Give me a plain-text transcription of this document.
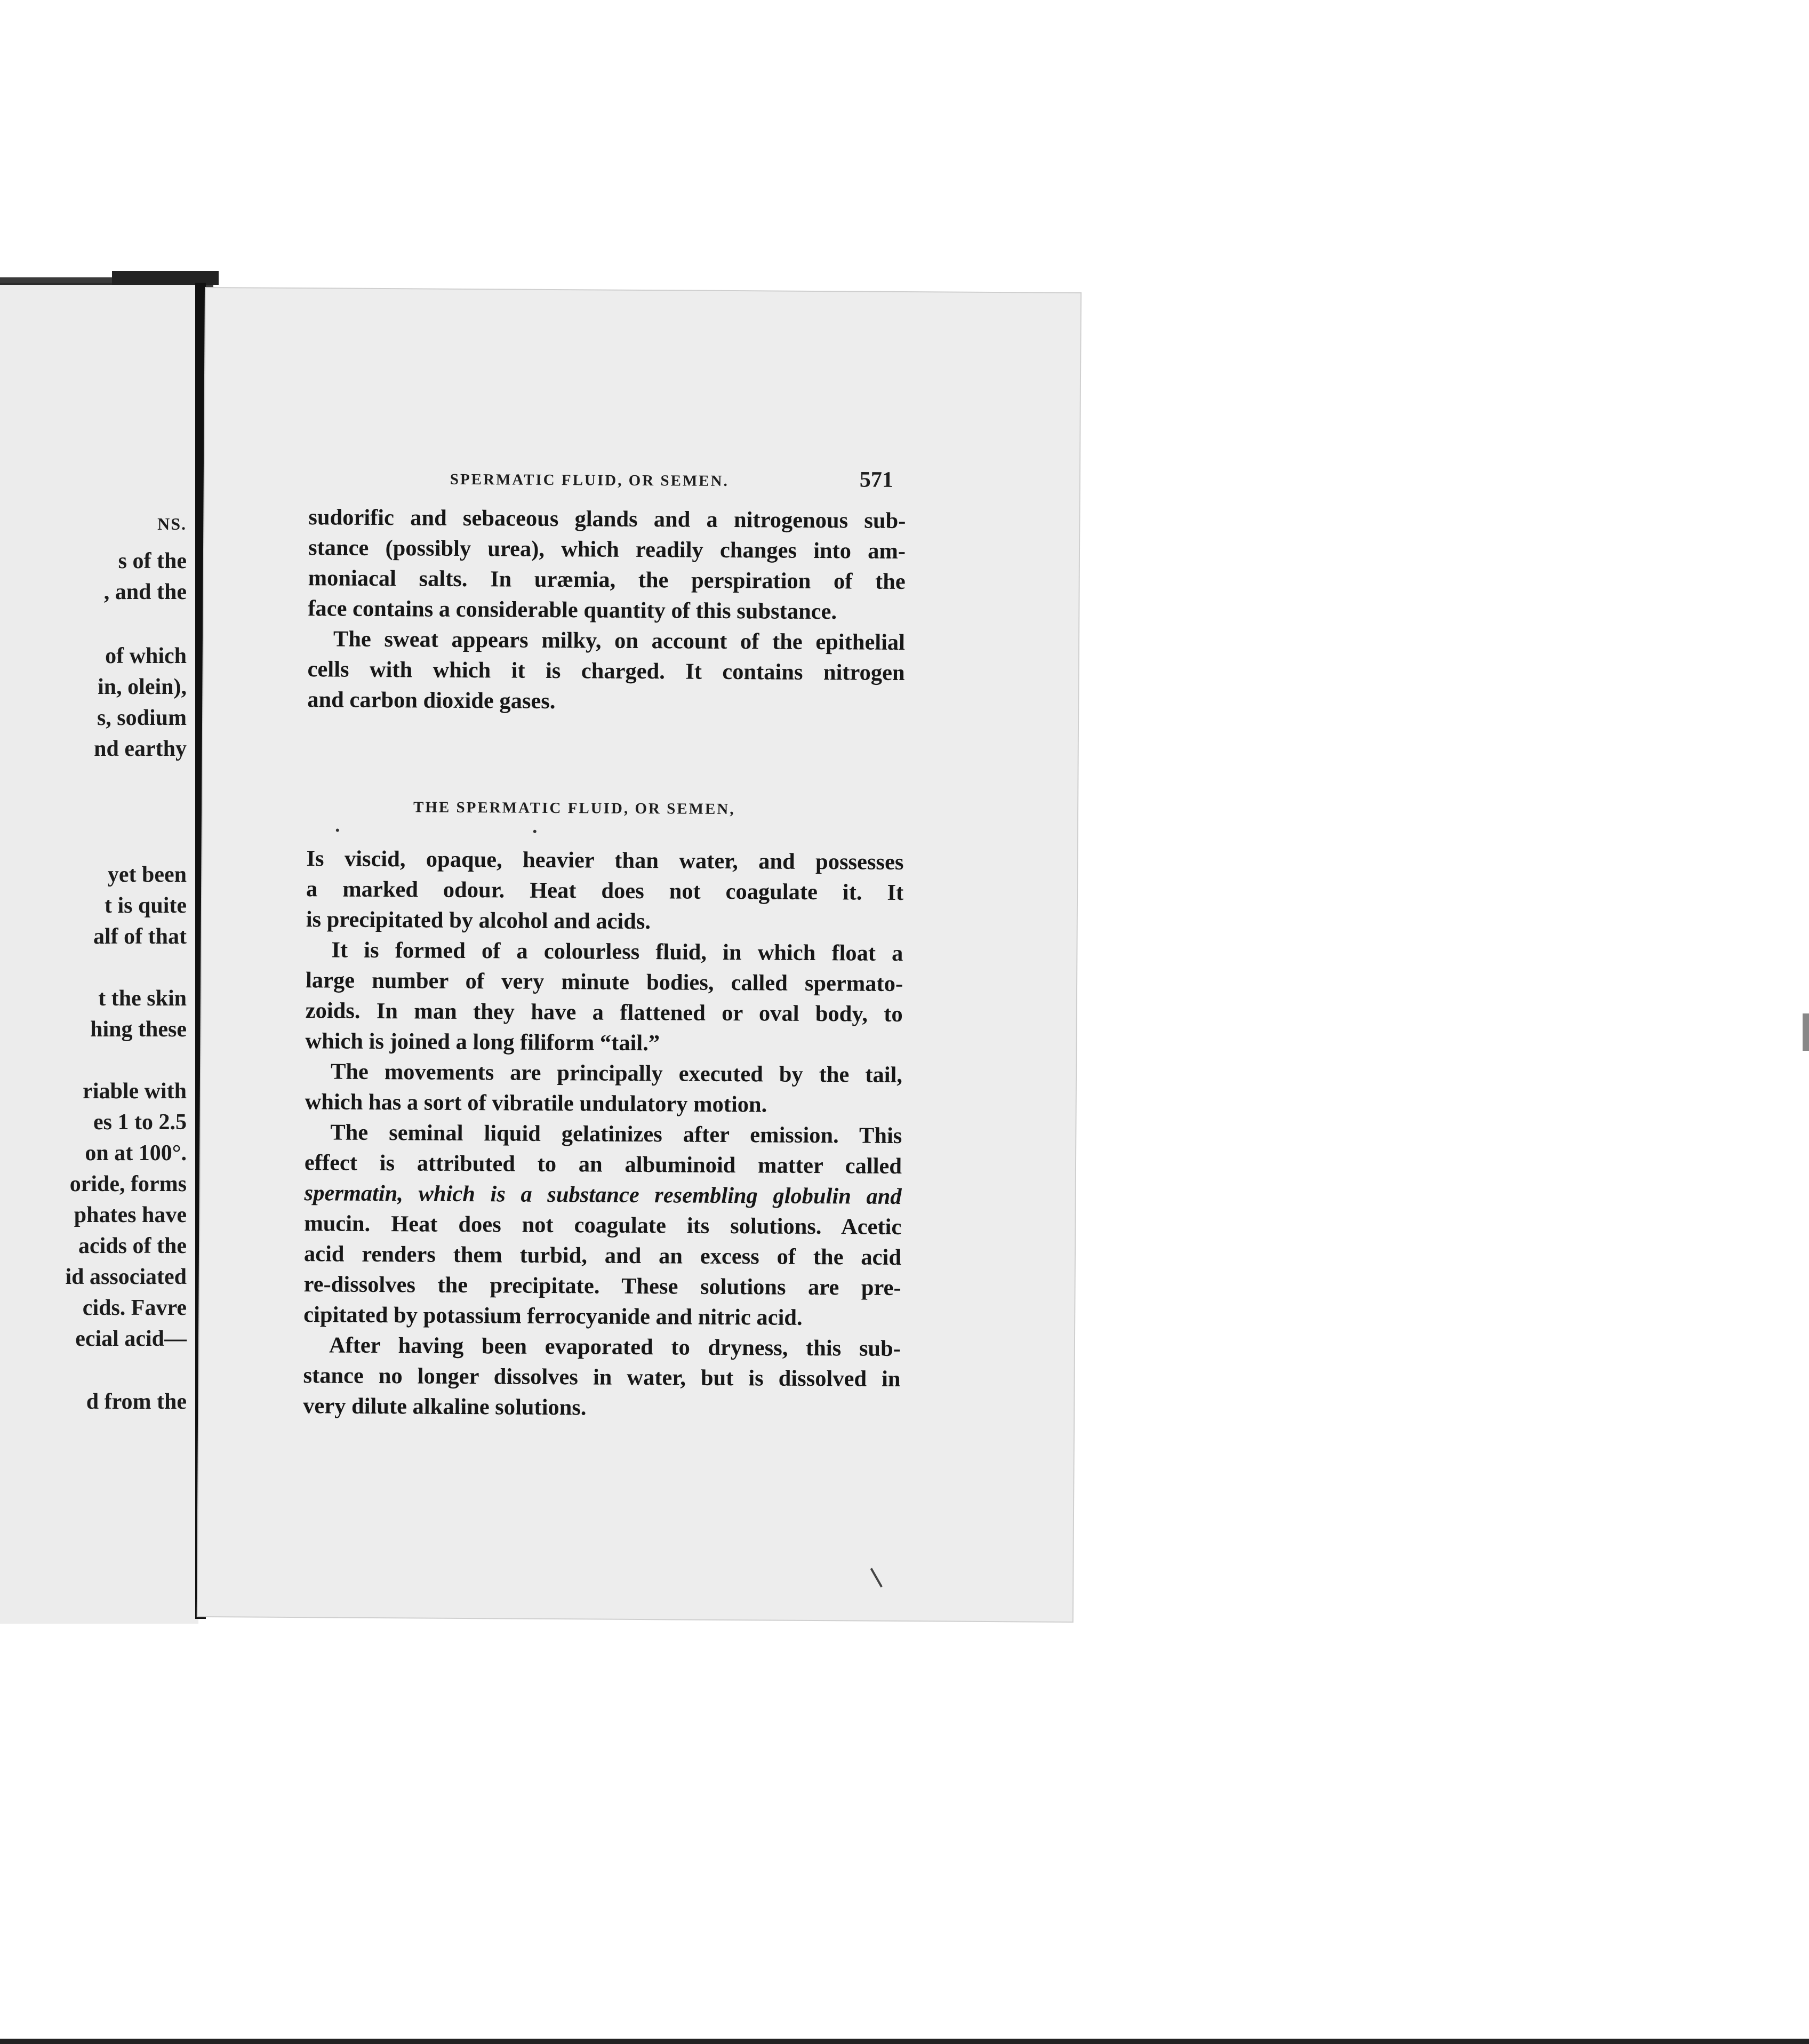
NS.
s of the
, and the
of which
in, olein),
s, sodium
nd earthy
yet been
t is quite
alf of that
t the skin
hing these
riable with
es 1 to 2.5
on at 100°.
oride, forms
phates have
acids of the
id associated
cids. Favre
ecial acid—
d from the
SPERMATIC FLUID, OR SEMEN.	571
sudorific and sebaceous glands and a nitrogenous sub-
stance (possibly urea), which readily changes into am-
moniacal salts. In uræmia, the perspiration of the
face contains a considerable quantity of this substance.
The sweat appears milky, on account of the epithelial
cells with which it is charged. It contains nitrogen
and carbon dioxide gases.
THE SPERMATIC FLUID, OR SEMEN,
Is viscid, opaque, heavier than water, and possesses
a marked odour. Heat does not coagulate it. It
is precipitated by alcohol and acids.
It is formed of a colourless fluid, in which float a
large number of very minute bodies, called spermato-
zoids. In man they have a flattened or oval body, to
which is joined a long filiform “tail.”
The movements are principally executed by the tail,
which has a sort of vibratile undulatory motion.
The seminal liquid gelatinizes after emission. This
effect is attributed to an albuminoid matter called
spermatin, which is a substance resembling globulin and
mucin. Heat does not coagulate its solutions. Acetic
acid renders them turbid, and an excess of the acid
re-dissolves the precipitate. These solutions are pre-
cipitated by potassium ferrocyanide and nitric acid.
After having been evaporated to dryness, this sub-
stance no longer dissolves in water, but is dissolved in
very dilute alkaline solutions.
